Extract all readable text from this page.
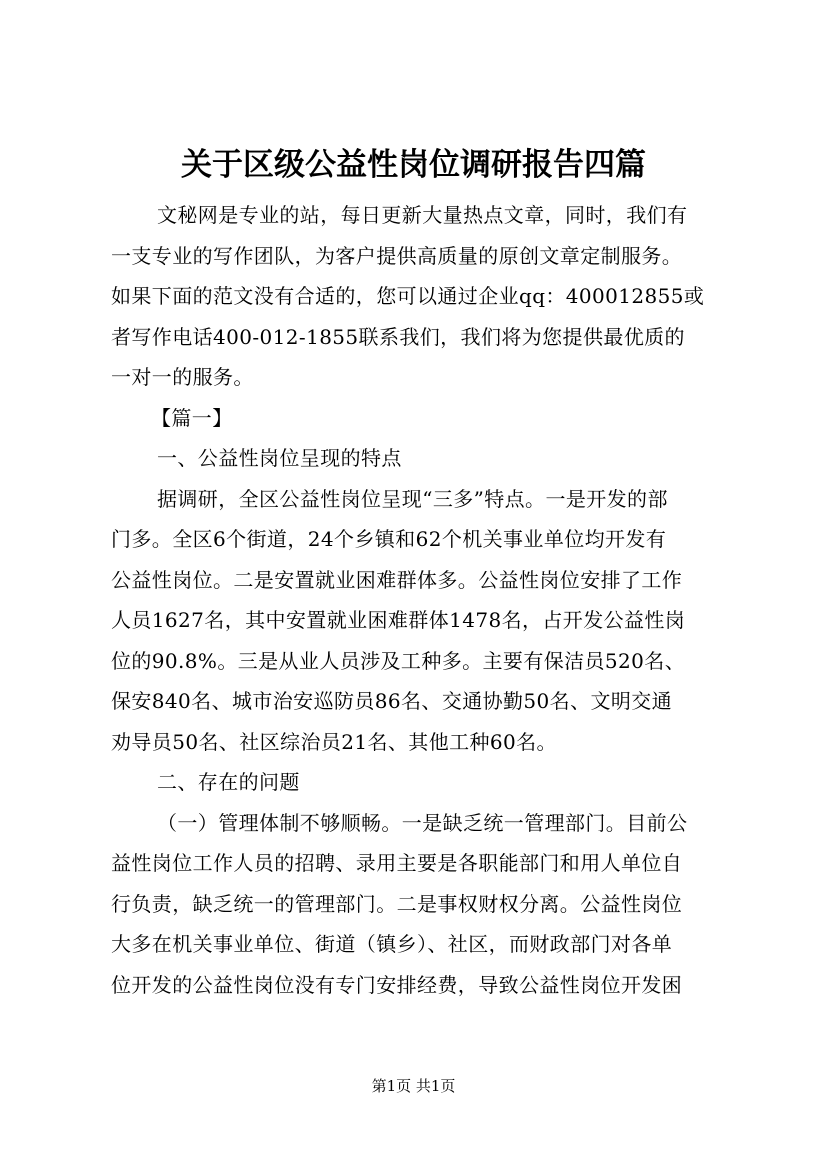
关于区级公益性岗位调研报告四篇
文秘网是专业的站，每日更新大量热点文章，同时，我们有
一支专业的写作团队，为客户提供高质量的原创文章定制服务。
如果下面的范文没有合适的，您可以通过企业qq：400012855或
者写作电话400-012-1855联系我们，我们将为您提供最优质的
一对一的服务。
【篇一】
一、公益性岗位呈现的特点
据调研，全区公益性岗位呈现“三多”特点。一是开发的部
门多。全区6个街道，24个乡镇和62个机关事业单位均开发有
公益性岗位。二是安置就业困难群体多。公益性岗位安排了工作
人员1627名，其中安置就业困难群体1478名，占开发公益性岗
位的90.8%。三是从业人员涉及工种多。主要有保洁员520名、
保安840名、城市治安巡防员86名、交通协勤50名、文明交通
劝导员50名、社区综治员21名、其他工种60名。
二、存在的问题
（一）管理体制不够顺畅。一是缺乏统一管理部门。目前公
益性岗位工作人员的招聘、录用主要是各职能部门和用人单位自
行负责，缺乏统一的管理部门。二是事权财权分离。公益性岗位
大多在机关事业单位、街道（镇乡）、社区，而财政部门对各单
位开发的公益性岗位没有专门安排经费，导致公益性岗位开发困
第1页 共1页
